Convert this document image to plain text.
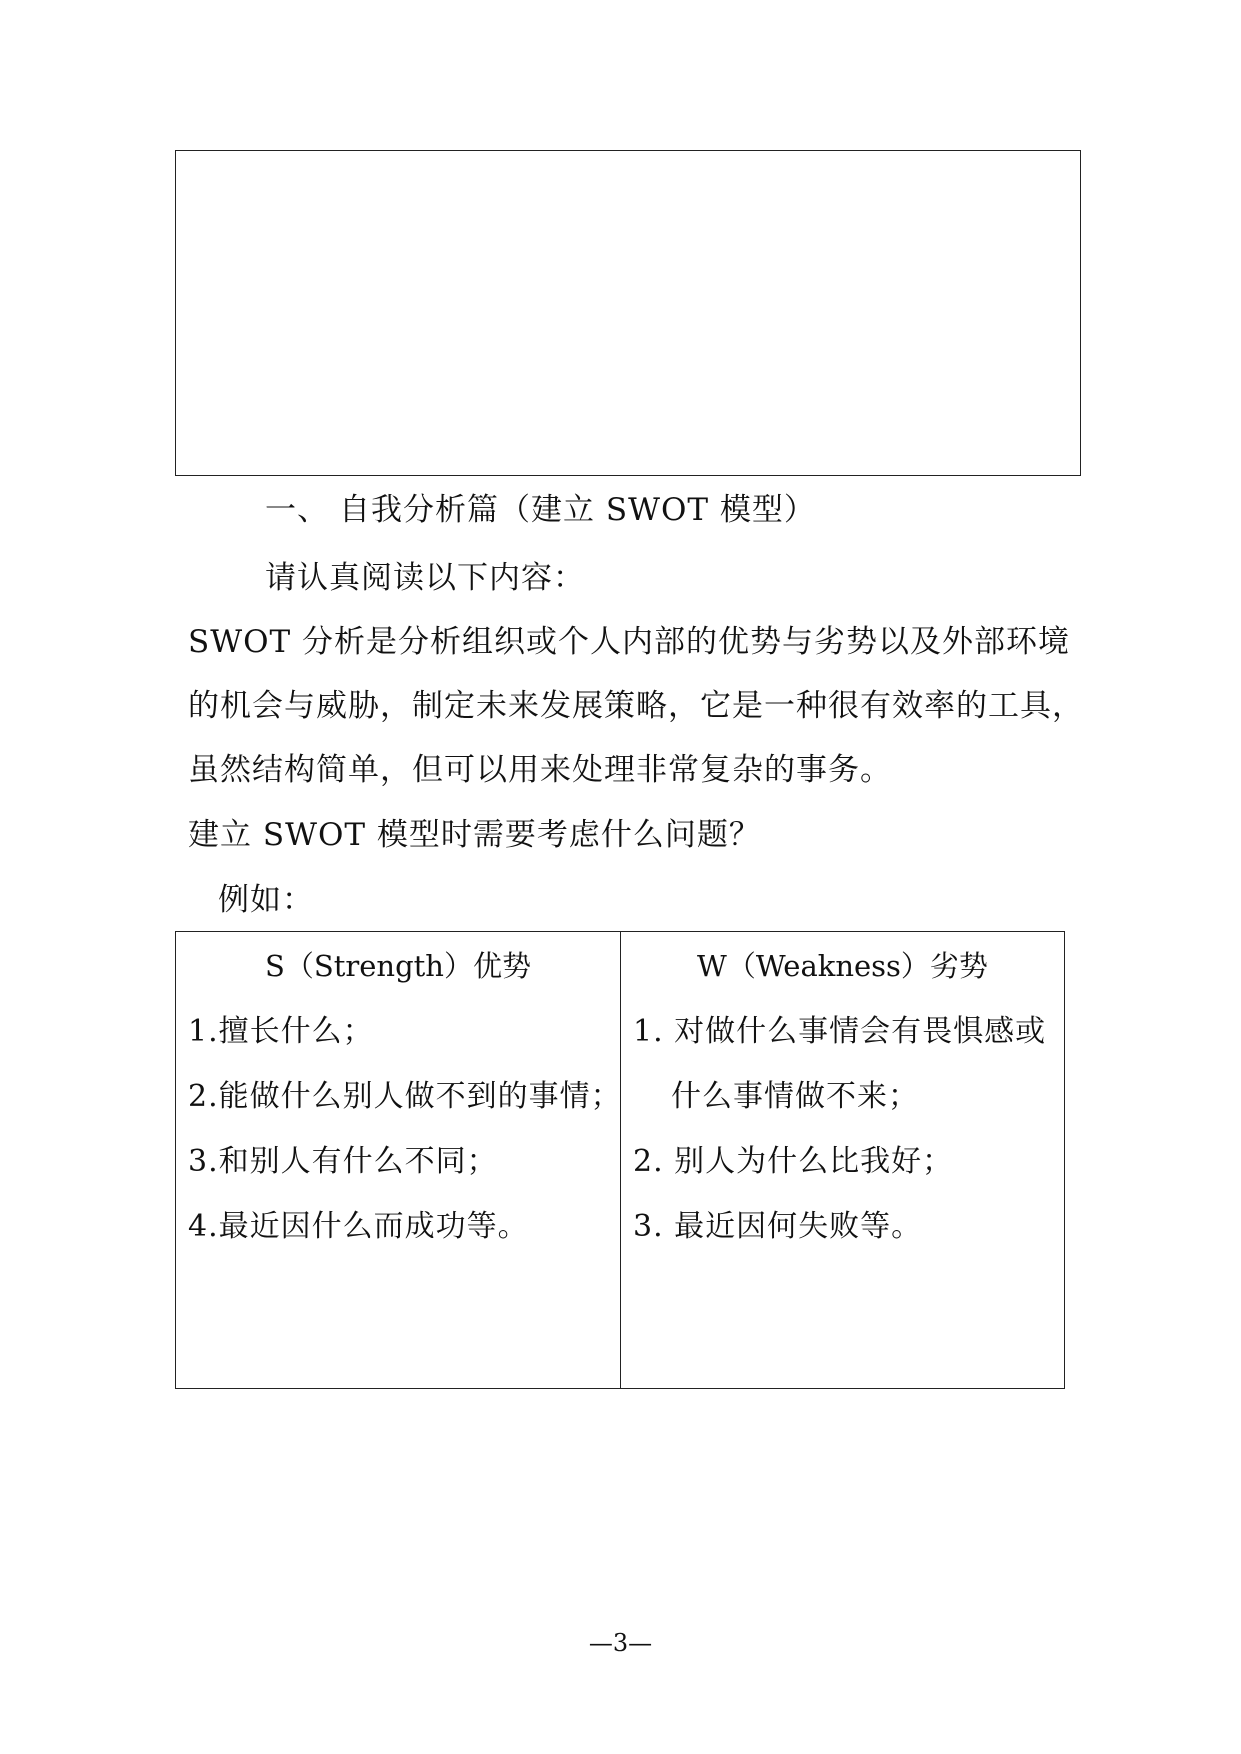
一、 自我分析篇（建立 SWOT 模型）
请认真阅读以下内容：
SWOT 分析是分析组织或个人内部的优势与劣势以及外部环境
的机会与威胁，制定未来发展策略，它是一种很有效率的工具，
虽然结构简单，但可以用来处理非常复杂的事务。
建立 SWOT 模型时需要考虑什么问题？
例如：
S（Strength）优势
1.擅长什么；
2.能做什么别人做不到的事情；
3.和别人有什么不同；
4.最近因什么而成功等。
W（Weakness）劣势
1. 对做什么事情会有畏惧感或
什么事情做不来；
2. 别人为什么比我好；
3. 最近因何失败等。
—3—
